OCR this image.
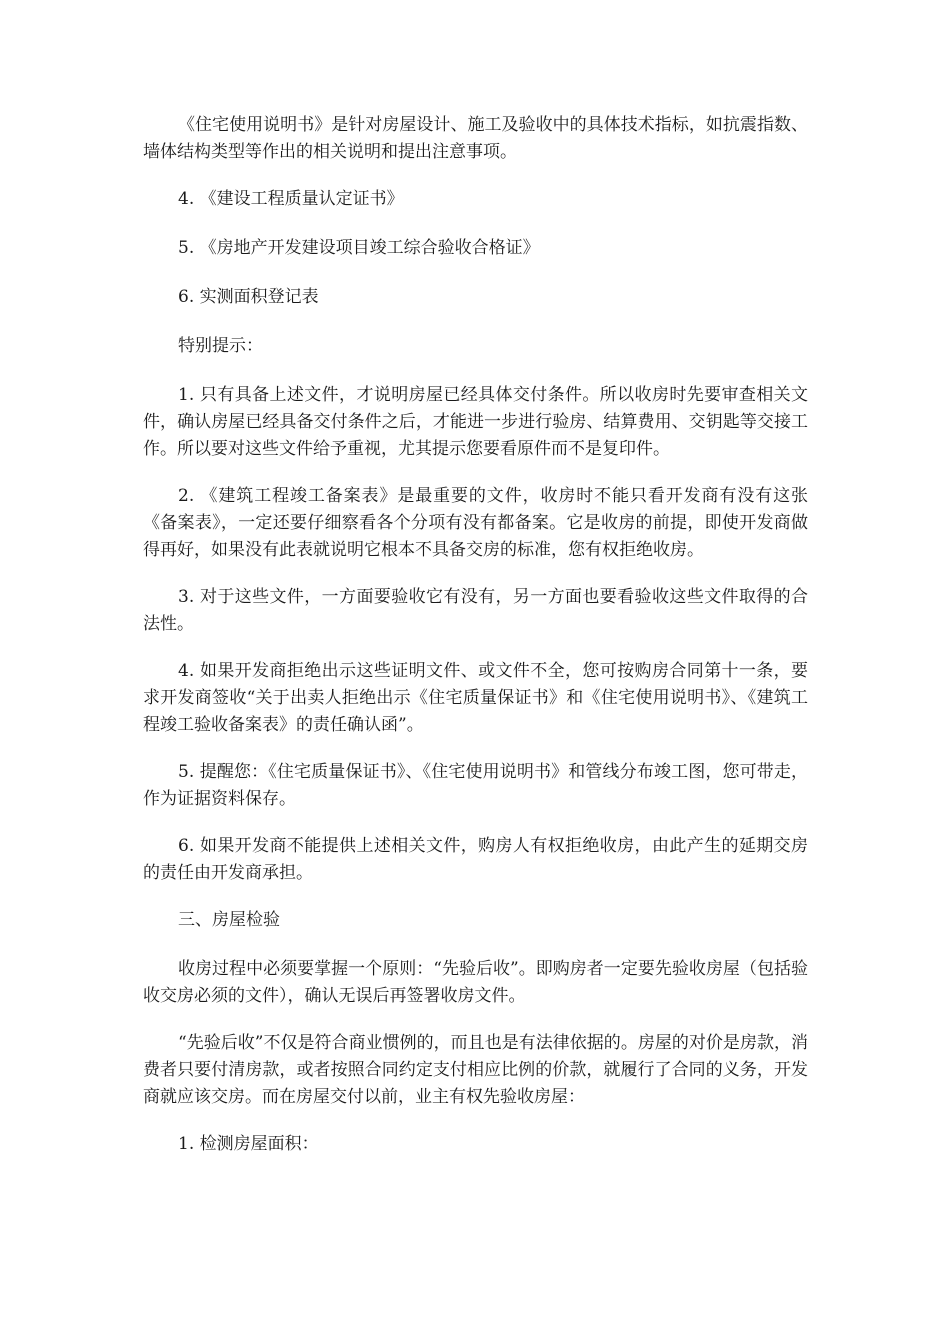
《住宅使用说明书》是针对房屋设计、施工及验收中的具体技术指标，如抗震指数、墙体结构类型等作出的相关说明和提出注意事项。

4. 《建设工程质量认定证书》

5. 《房地产开发建设项目竣工综合验收合格证》

6. 实测面积登记表

特别提示：

1. 只有具备上述文件，才说明房屋已经具体交付条件。所以收房时先要审查相关文件，确认房屋已经具备交付条件之后，才能进一步进行验房、结算费用、交钥匙等交接工作。所以要对这些文件给予重视，尤其提示您要看原件而不是复印件。

2. 《建筑工程竣工备案表》是最重要的文件，收房时不能只看开发商有没有这张《备案表》，一定还要仔细察看各个分项有没有都备案。它是收房的前提，即使开发商做得再好，如果没有此表就说明它根本不具备交房的标准，您有权拒绝收房。

3. 对于这些文件，一方面要验收它有没有，另一方面也要看验收这些文件取得的合法性。

4. 如果开发商拒绝出示这些证明文件、或文件不全，您可按购房合同第十一条，要求开发商签收“关于出卖人拒绝出示《住宅质量保证书》和《住宅使用说明书》、《建筑工程竣工验收备案表》的责任确认函”。

5. 提醒您：《住宅质量保证书》、《住宅使用说明书》和管线分布竣工图，您可带走，作为证据资料保存。

6. 如果开发商不能提供上述相关文件，购房人有权拒绝收房，由此产生的延期交房的责任由开发商承担。

三、房屋检验

收房过程中必须要掌握一个原则：“先验后收”。即购房者一定要先验收房屋（包括验收交房必须的文件），确认无误后再签署收房文件。

“先验后收”不仅是符合商业惯例的，而且也是有法律依据的。房屋的对价是房款，消费者只要付清房款，或者按照合同约定支付相应比例的价款，就履行了合同的义务，开发商就应该交房。而在房屋交付以前，业主有权先验收房屋：

1. 检测房屋面积：
